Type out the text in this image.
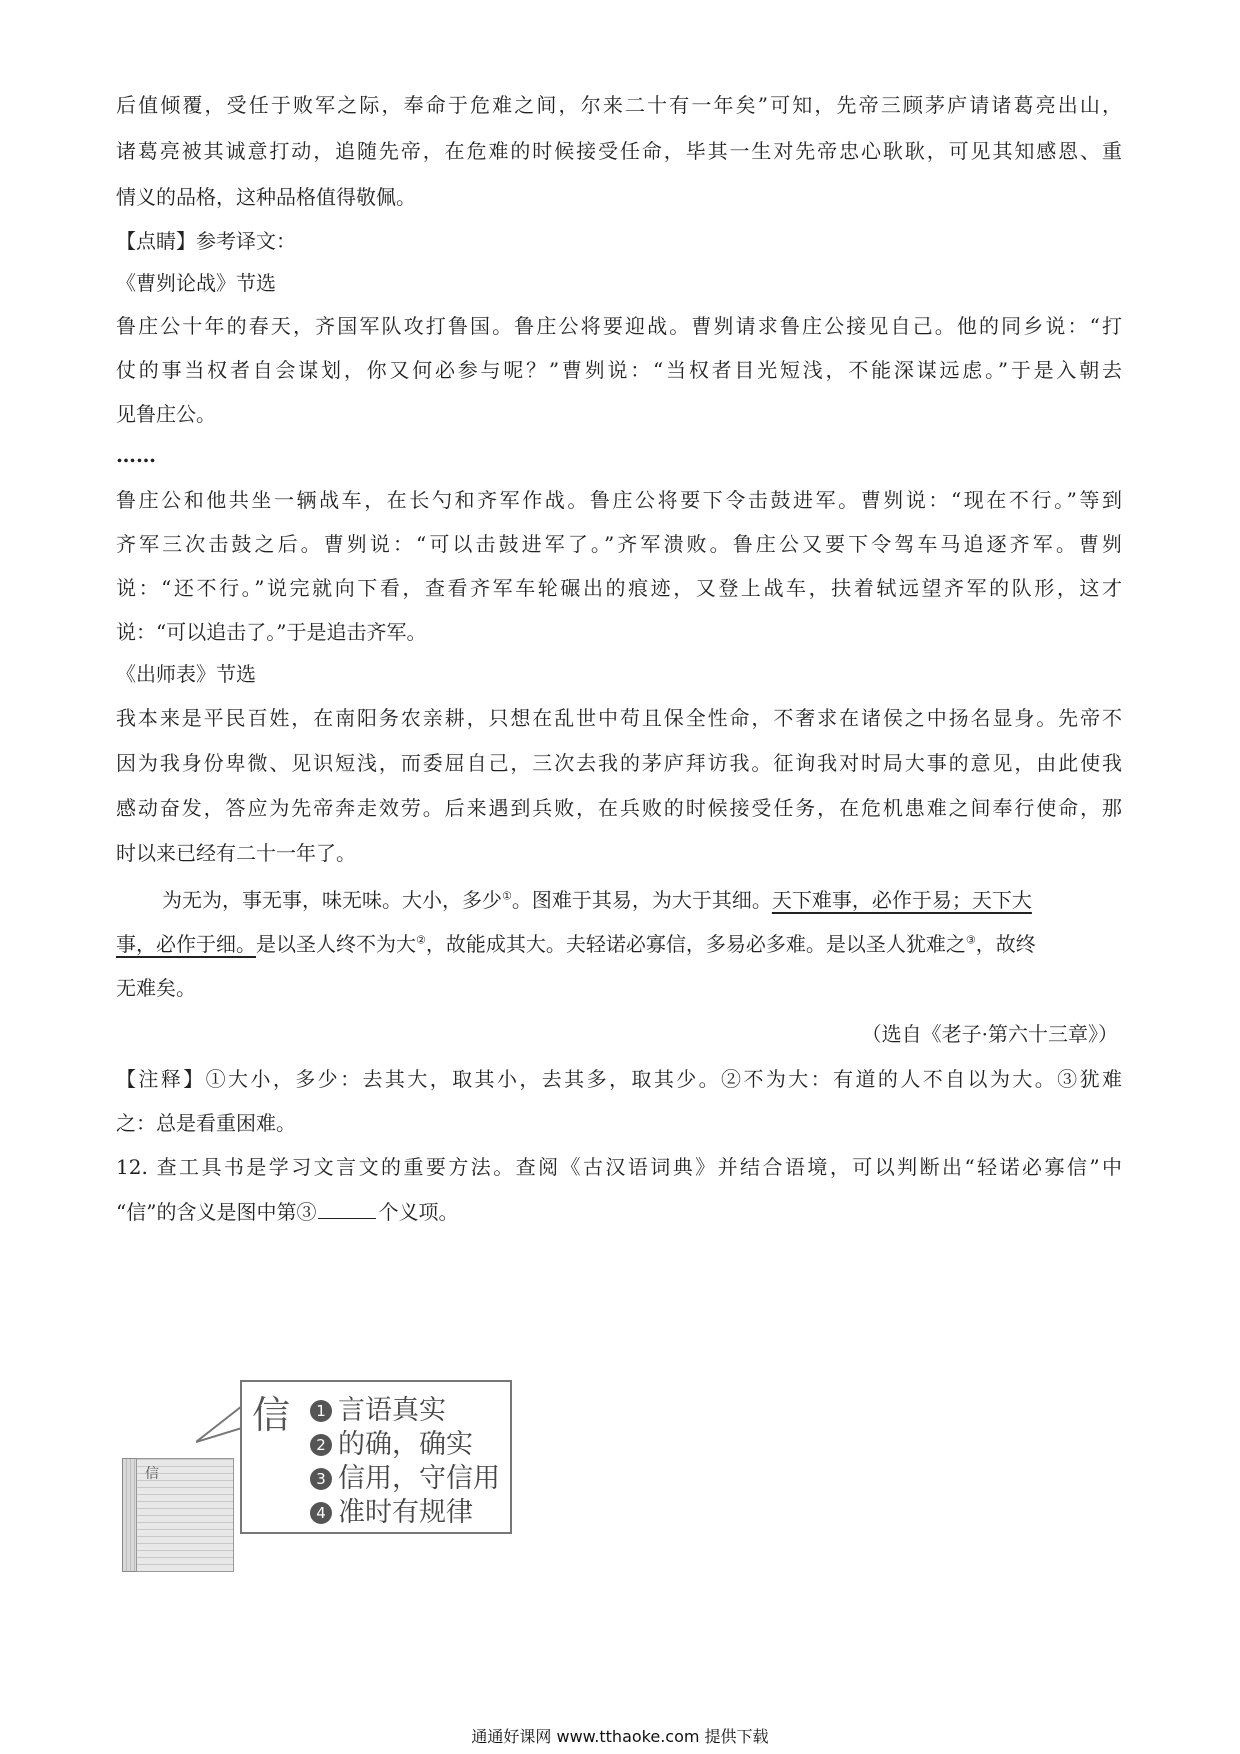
后值倾覆，受任于败军之际，奉命于危难之间，尔来二十有一年矣”可知，先帝三顾茅庐请诸葛亮出山，
诸葛亮被其诚意打动，追随先帝，在危难的时候接受任命，毕其一生对先帝忠心耿耿，可见其知感恩、重
情义的品格，这种品格值得敬佩。
【点睛】参考译文：
《曹刿论战》节选
鲁庄公十年的春天，齐国军队攻打鲁国。鲁庄公将要迎战。曹刿请求鲁庄公接见自己。他的同乡说：“打
仗的事当权者自会谋划，你又何必参与呢？”曹刿说：“当权者目光短浅，不能深谋远虑。”于是入朝去
见鲁庄公。
……
鲁庄公和他共坐一辆战车，在长勺和齐军作战。鲁庄公将要下令击鼓进军。曹刿说：“现在不行。”等到
齐军三次击鼓之后。曹刿说：“可以击鼓进军了。”齐军溃败。鲁庄公又要下令驾车马追逐齐军。曹刿
说：“还不行。”说完就向下看，查看齐军车轮碾出的痕迹，又登上战车，扶着轼远望齐军的队形，这才
说：“可以追击了。”于是追击齐军。
《出师表》节选
我本来是平民百姓，在南阳务农亲耕，只想在乱世中苟且保全性命，不奢求在诸侯之中扬名显身。先帝不
因为我身份卑微、见识短浅，而委屈自己，三次去我的茅庐拜访我。征询我对时局大事的意见，由此使我
感动奋发，答应为先帝奔走效劳。后来遇到兵败，在兵败的时候接受任务，在危机患难之间奉行使命，那
时以来已经有二十一年了。
为无为，事无事，味无味。大小，多少①。图难于其易，为大于其细。天下难事，必作于易；天下大
事，必作于细。是以圣人终不为大②，故能成其大。夫轻诺必寡信，多易必多难。是以圣人犹难之③，故终
无难矣。
（选自《老子·第六十三章》）
【注释】①大小，多少：去其大，取其小，去其多，取其少。②不为大：有道的人不自以为大。③犹难
之：总是看重困难。
12. 查工具书是学习文言文的重要方法。查阅《古汉语词典》并结合语境，可以判断出“轻诺必寡信”中
“信”的含义是图中第③	个义项。
信
信	1 言语真实
2 的确，确实
3 信用，守信用
4 准时有规律
通通好课网 www.tthaoke.com 提供下载
